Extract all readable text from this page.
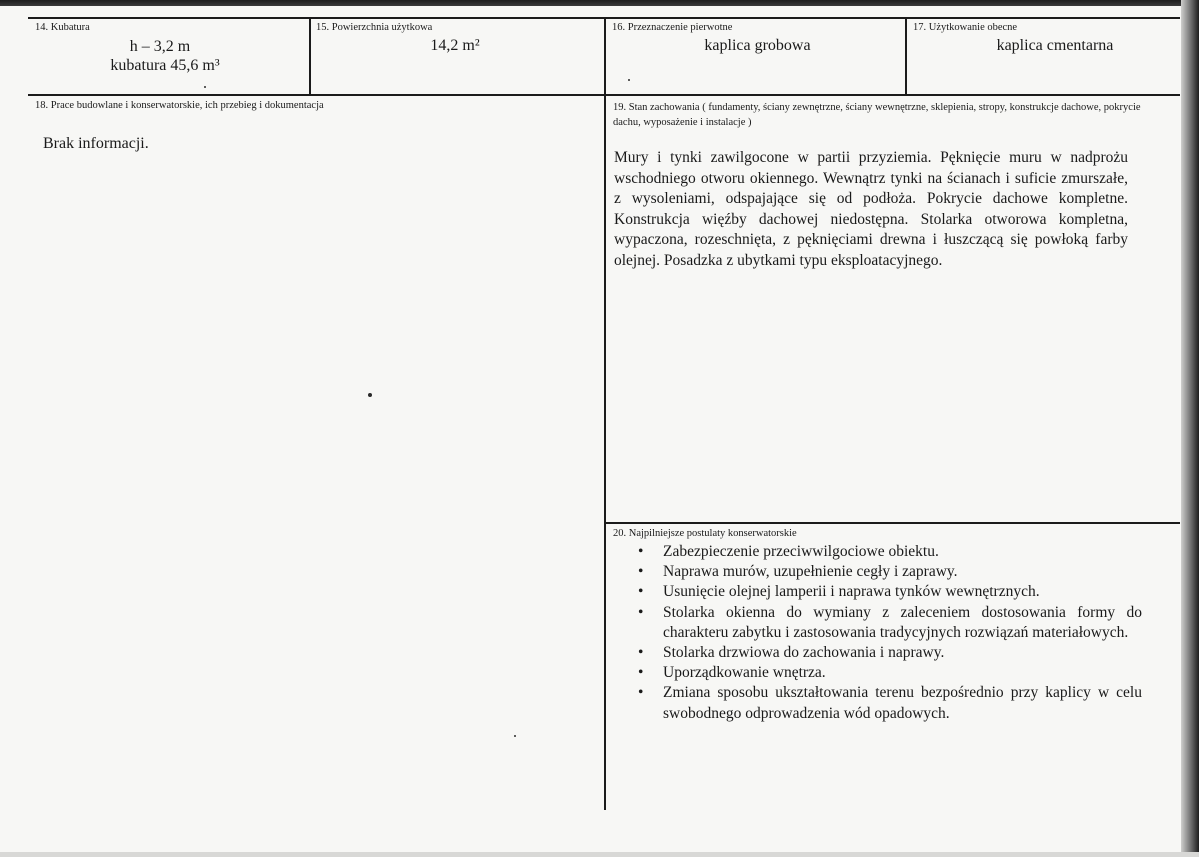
14. Kubatura
h – 3,2 m
kubatura 45,6 m³
15. Powierzchnia użytkowa
14,2 m²
16. Przeznaczenie pierwotne
kaplica grobowa
17. Użytkowanie obecne
kaplica cmentarna
18. Prace budowlane i konserwatorskie, ich przebieg i dokumentacja
Brak informacji.
19. Stan zachowania ( fundamenty, ściany zewnętrzne, ściany wewnętrzne, sklepienia, stropy, konstrukcje dachowe, pokrycie dachu, wyposażenie i instalacje )
Mury i tynki zawilgocone w partii przyziemia. Pęknięcie muru w nadprożu wschodniego otworu okiennego. Wewnątrz tynki na ścianach i suficie zmurszałe, z wysoleniami, odspajające się od podłoża. Pokrycie dachowe kompletne. Konstrukcja więźby dachowej niedostępna. Stolarka otworowa kompletna, wypaczona, rozeschnięta, z pęknięciami drewna i łuszczącą się powłoką farby olejnej. Posadzka z ubytkami typu eksploatacyjnego.
20. Najpilniejsze postulaty konserwatorskie
• Zabezpieczenie przeciwwilgociowe obiektu.
• Naprawa murów, uzupełnienie cegły i zaprawy.
• Usunięcie olejnej lamperii i naprawa tynków wewnętrznych.
• Stolarka okienna do wymiany z zaleceniem dostosowania formy do charakteru zabytku i zastosowania tradycyjnych rozwiązań materiałowych.
• Stolarka drzwiowa do zachowania i naprawy.
• Uporządkowanie wnętrza.
• Zmiana sposobu ukształtowania terenu bezpośrednio przy kaplicy w celu swobodnego odprowadzenia wód opadowych.
